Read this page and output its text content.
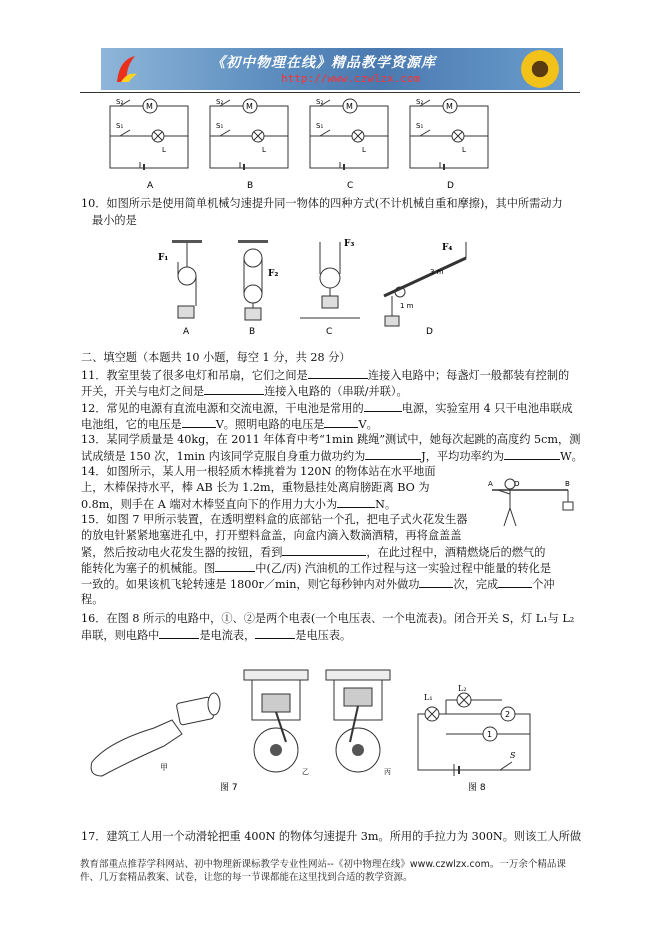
《初中物理在线》精品教学资源库
http://www.czwlzx.com
M
S₂
S₁
L
A	B	C	D
10．如图所示是使用简单机械匀速提升同一物体的四种方式(不计机械自重和摩擦)，其中所需动力
最小的是
F₁
A
F₂
B
F₃
C
F₄
3 m
1 m
D
二、填空题（本题共 10 小题，每空 1 分，共 28 分）
11．教室里装了很多电灯和吊扇，它们之间是	连接入电路中；每盏灯一般都装有控制的
开关，开关与电灯之间是	连接入电路的（串联/并联）。
12．常见的电源有直流电源和交流电源，干电池是常用的	电源，实验室用 4 只干电池串联成
电池组，它的电压是	V。照明电路的电压是	V。
13．某同学质量是 40kg，在 2011 年体育中考“1min 跳绳”测试中，她每次起跳的高度约 5cm，测
试成绩是 150 次，1min 内该同学克服自身重力做功约为	J，平均功率约为	W。
14．如图所示，某人用一根轻质木棒挑着为 120N 的物体站在水平地面
上，木棒保持水平，棒 AB 长为 1.2m，重物悬挂处离肩膀距离 BO 为
0.8m，则手在 A 端对木棒竖直向下的作用力大小为	N。
A	O	B
15．如图 7 甲所示装置，在透明塑料盒的底部钻一个孔，把电子式火花发生器
的放电针紧紧地塞进孔中，打开塑料盒盖，向盒内滴入数滴酒精，再将盒盖盖
紧，然后按动电火花发生器的按钮，看到	，在此过程中，酒精燃烧后的燃气的
能转化为塞子的机械能。图	中(乙/丙) 汽油机的工作过程与这一实验过程中能量的转化是
一致的。如果该机飞轮转速是 1800r／min，则它每秒钟内对外做功	次，完成	个冲
程。
16．在图 8 所示的电路中，①、②是两个电表(一个电压表、一个电流表)。闭合开关 S，灯 L₁与 L₂
串联，则电路中	是电流表，	是电压表。
甲	乙	丙
图 7
L₁
L₂
2
1
S
图 8
17．建筑工人用一个动滑轮把重 400N 的物体匀速提升 3m。所用的手拉力为 300N。则该工人所做
教育部重点推荐学科网站、初中物理新课标教学专业性网站--《初中物理在线》www.czwlzx.com。一万余个精品课
件、几万套精品教案、试卷，让您的每一节课都能在这里找到合适的教学资源。
